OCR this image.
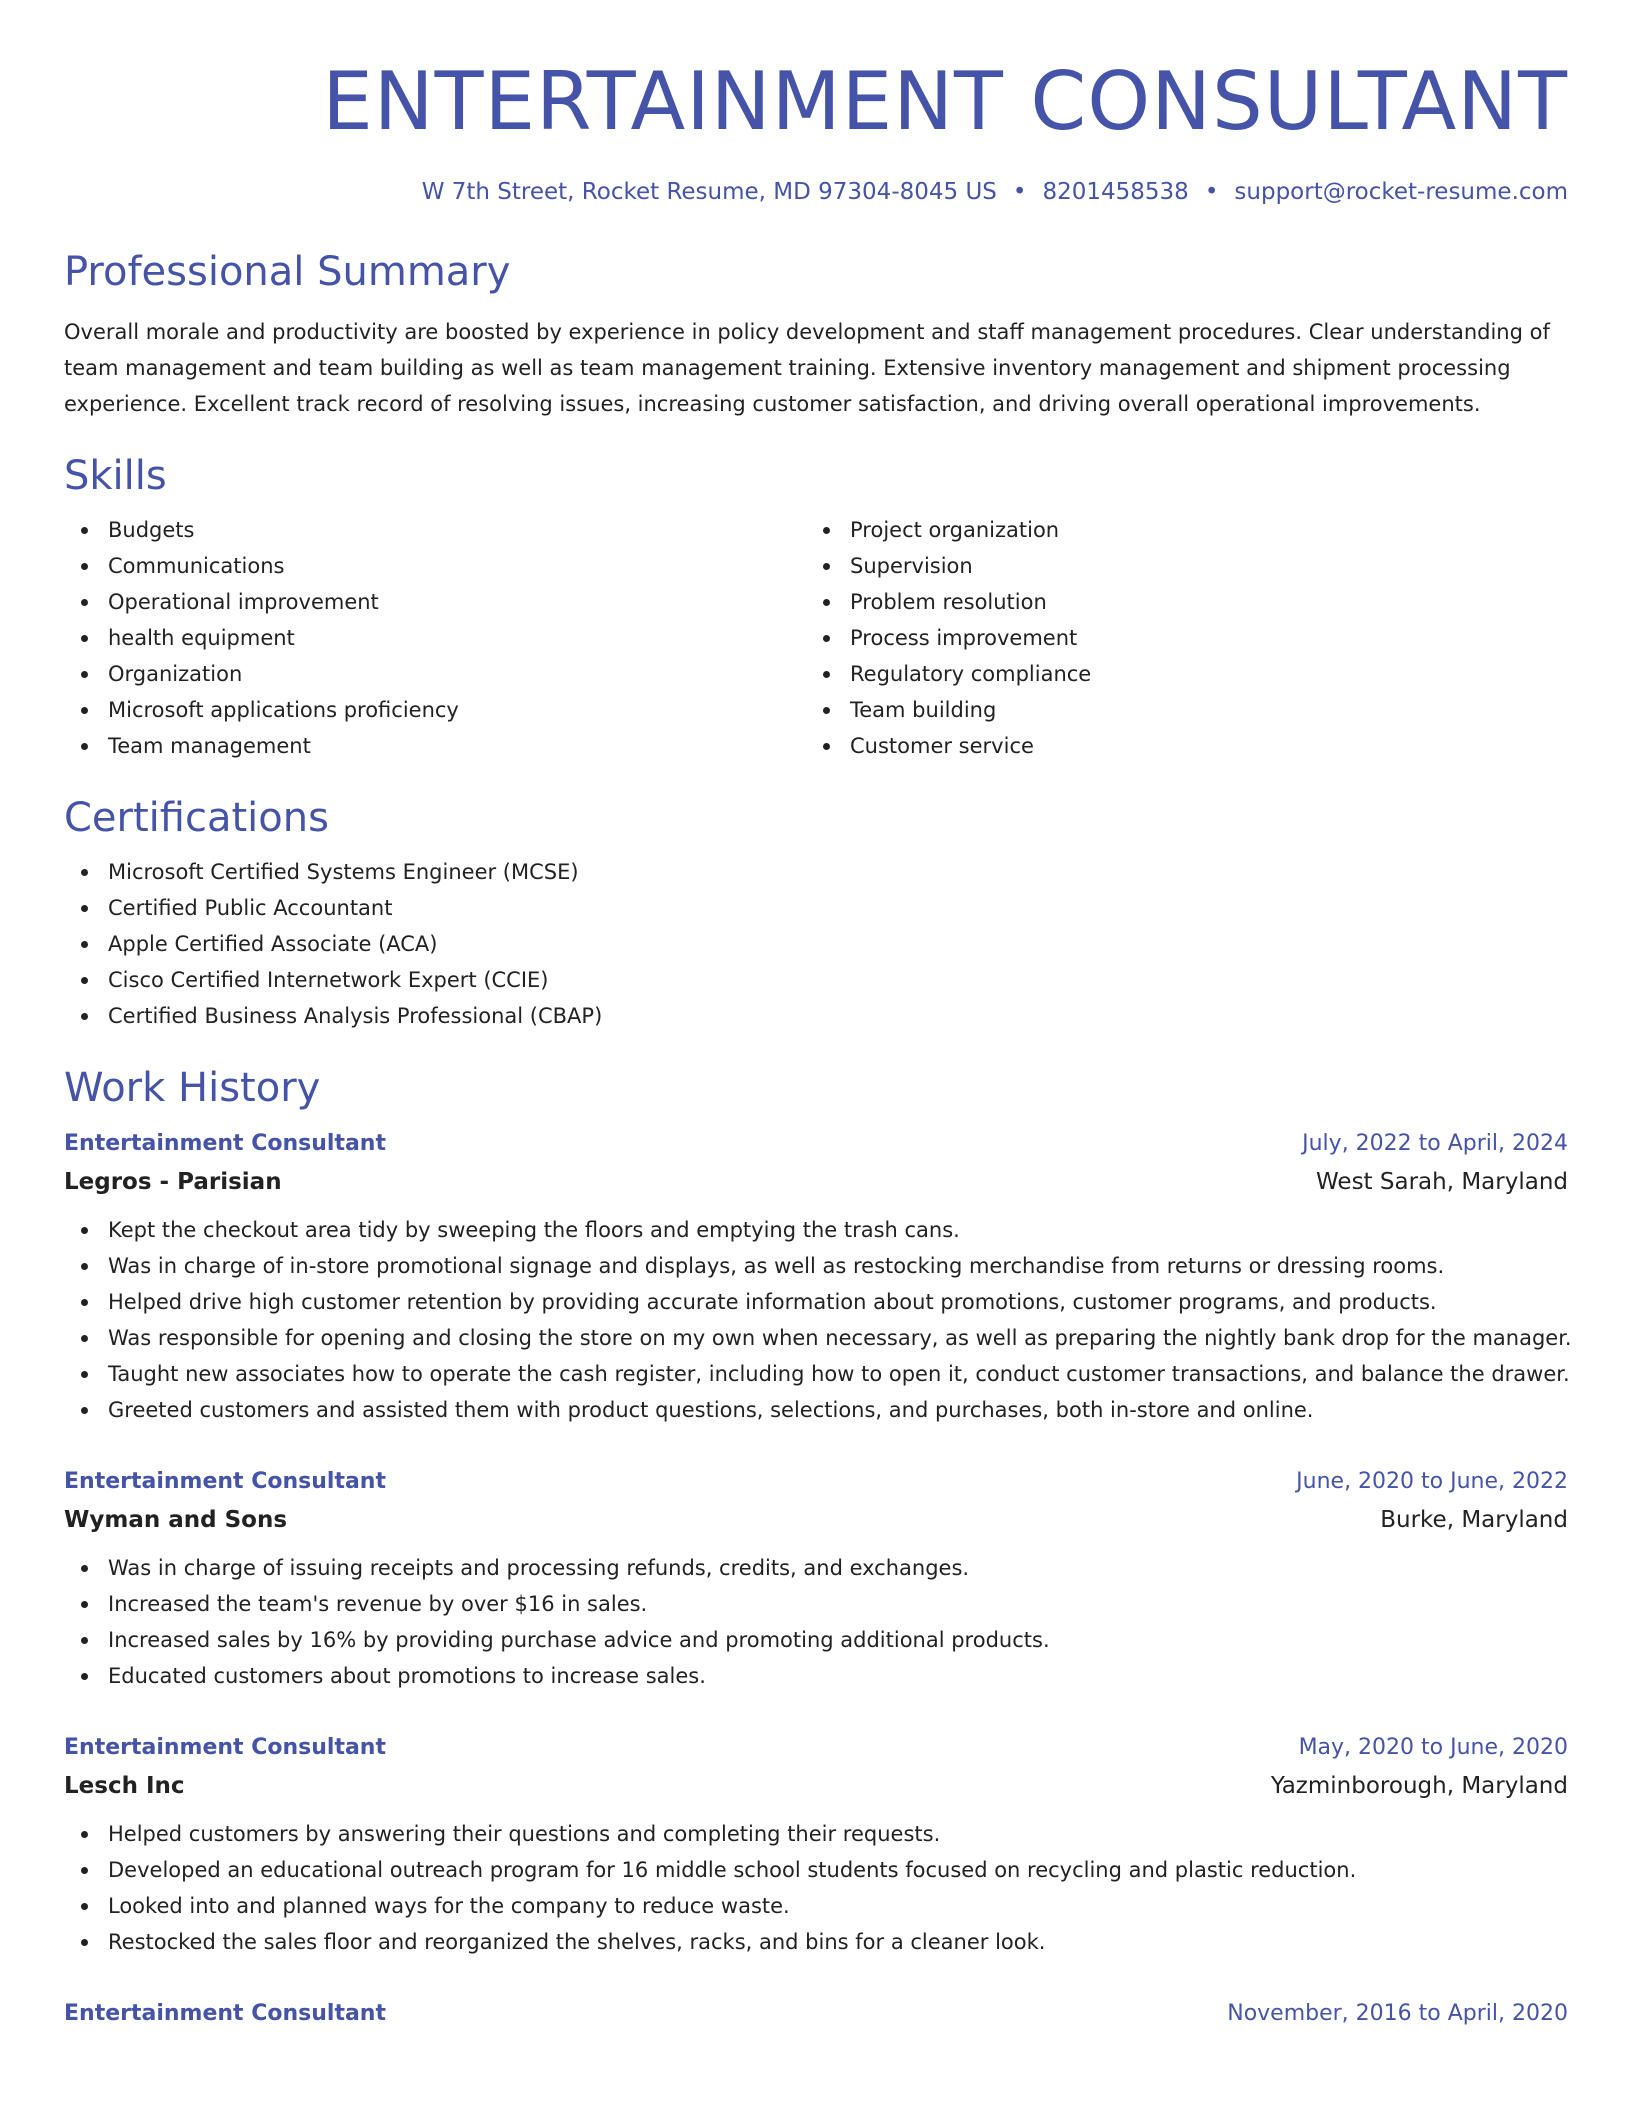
ENTERTAINMENT CONSULTANT
W 7th Street, Rocket Resume, MD 97304-8045 US • 8201458538 • support@rocket-resume.com
Professional Summary
Overall morale and productivity are boosted by experience in policy development and staff management procedures. Clear understanding of team management and team building as well as team management training. Extensive inventory management and shipment processing experience. Excellent track record of resolving issues, increasing customer satisfaction, and driving overall operational improvements.
Skills
Budgets
Communications
Operational improvement
health equipment
Organization
Microsoft applications proficiency
Team management
Project organization
Supervision
Problem resolution
Process improvement
Regulatory compliance
Team building
Customer service
Certifications
Microsoft Certified Systems Engineer (MCSE)
Certified Public Accountant
Apple Certified Associate (ACA)
Cisco Certified Internetwork Expert (CCIE)
Certified Business Analysis Professional (CBAP)
Work History
Entertainment Consultant	July, 2022 to April, 2024
Legros - Parisian	West Sarah, Maryland
Kept the checkout area tidy by sweeping the floors and emptying the trash cans.
Was in charge of in-store promotional signage and displays, as well as restocking merchandise from returns or dressing rooms.
Helped drive high customer retention by providing accurate information about promotions, customer programs, and products.
Was responsible for opening and closing the store on my own when necessary, as well as preparing the nightly bank drop for the manager.
Taught new associates how to operate the cash register, including how to open it, conduct customer transactions, and balance the drawer.
Greeted customers and assisted them with product questions, selections, and purchases, both in-store and online.
Entertainment Consultant	June, 2020 to June, 2022
Wyman and Sons	Burke, Maryland
Was in charge of issuing receipts and processing refunds, credits, and exchanges.
Increased the team's revenue by over $16 in sales.
Increased sales by 16% by providing purchase advice and promoting additional products.
Educated customers about promotions to increase sales.
Entertainment Consultant	May, 2020 to June, 2020
Lesch Inc	Yazminborough, Maryland
Helped customers by answering their questions and completing their requests.
Developed an educational outreach program for 16 middle school students focused on recycling and plastic reduction.
Looked into and planned ways for the company to reduce waste.
Restocked the sales floor and reorganized the shelves, racks, and bins for a cleaner look.
Entertainment Consultant	November, 2016 to April, 2020
